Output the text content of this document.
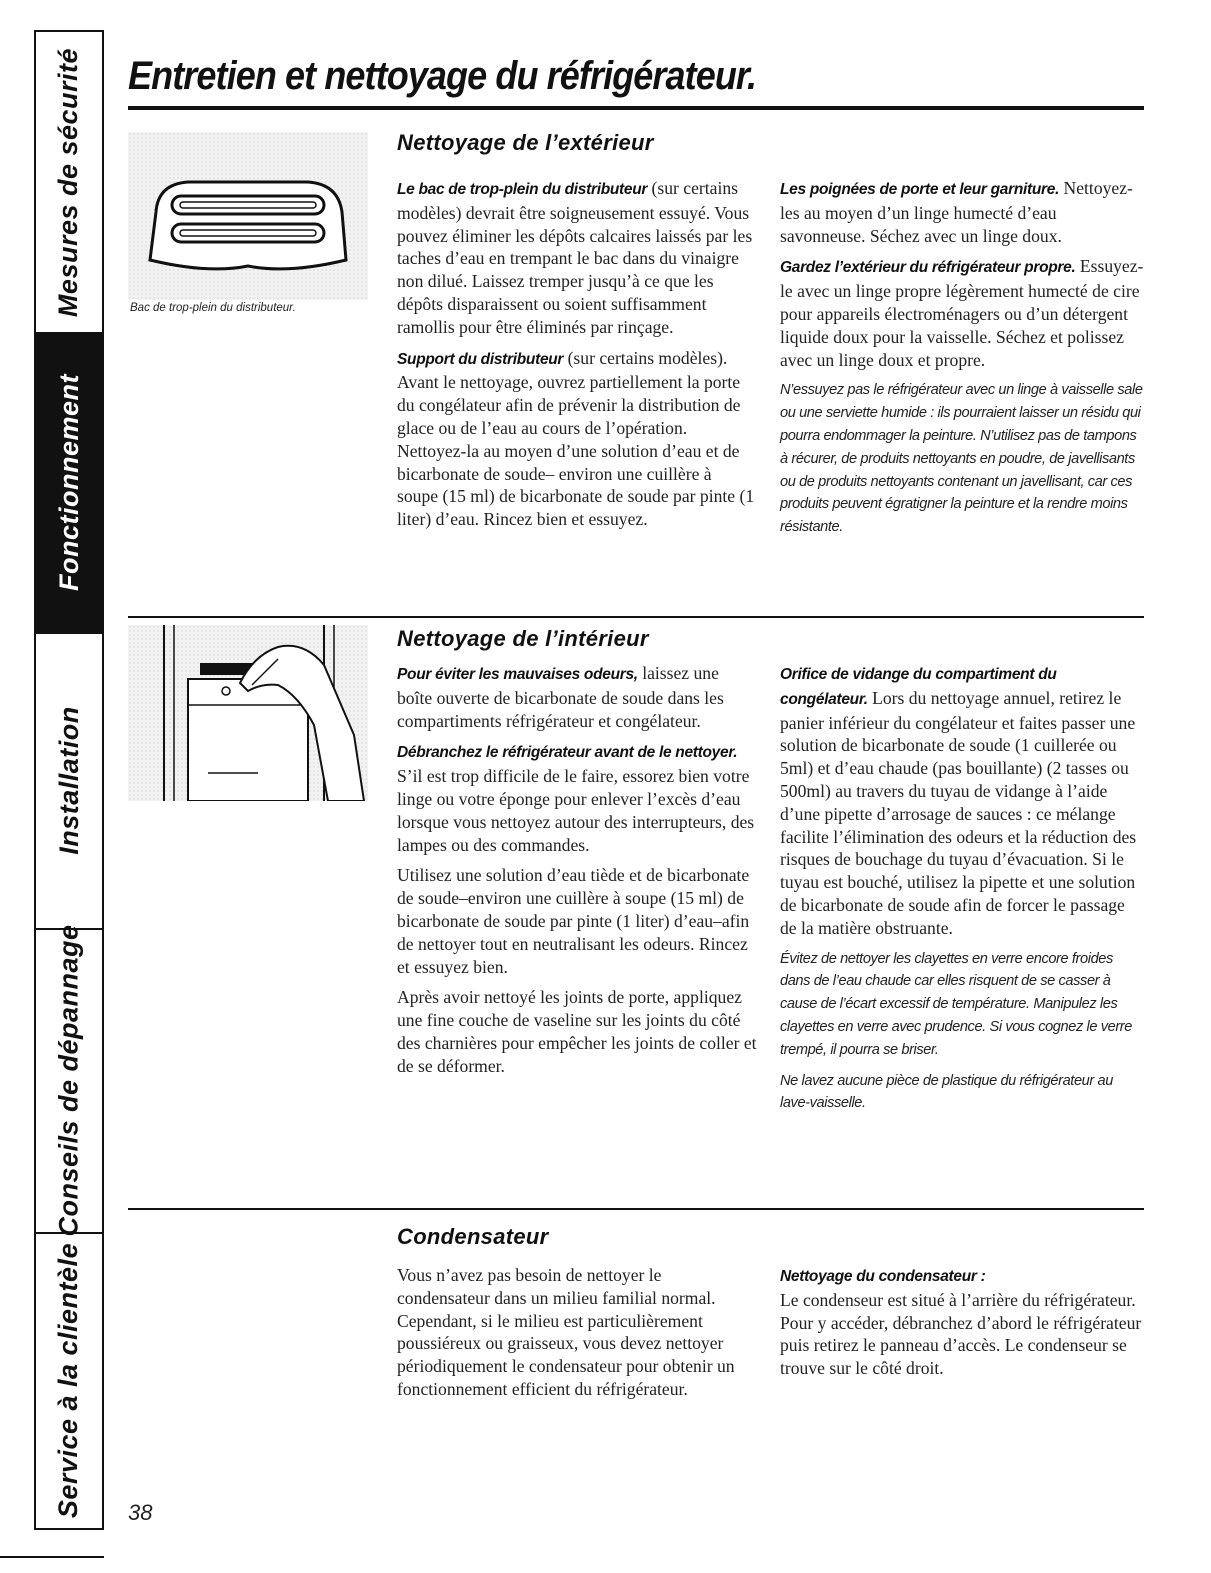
Mesures de sécurité
Fonctionnement
Installation
Conseils de dépannage
Service à la clientèle
Entretien et nettoyage du réfrigérateur.
Bac de trop-plein du distributeur.
Nettoyage de l’extérieur

Le bac de trop-plein du distributeur (sur certains modèles) devrait être soigneusement essuyé. Vous pouvez éliminer les dépôts calcaires laissés par les taches d’eau en trempant le bac dans du vinaigre non dilué. Laissez tremper jusqu’à ce que les dépôts disparaissent ou soient suffisamment ramollis pour être éliminés par rinçage.

Support du distributeur (sur certains modèles). Avant le nettoyage, ouvrez partiellement la porte du congélateur afin de prévenir la distribution de glace ou de l’eau au cours de l’opération. Nettoyez-la au moyen d’une solution d’eau et de bicarbonate de soude– environ une cuillère à soupe (15 ml) de bicarbonate de soude par pinte (1 liter) d’eau. Rincez bien et essuyez.

Les poignées de porte et leur garniture. Nettoyez-les au moyen d’un linge humecté d’eau savonneuse. Séchez avec un linge doux.

Gardez l’extérieur du réfrigérateur propre. Essuyez-le avec un linge propre légèrement humecté de cire pour appareils électroménagers ou d’un détergent liquide doux pour la vaisselle. Séchez et polissez avec un linge doux et propre.

N’essuyez pas le réfrigérateur avec un linge à vaisselle sale ou une serviette humide : ils pourraient laisser un résidu qui pourra endommager la peinture. N’utilisez pas de tampons à récurer, de produits nettoyants en poudre, de javellisants ou de produits nettoyants contenant un javellisant, car ces produits peuvent égratigner la peinture et la rendre moins résistante.

Nettoyage de l’intérieur

Pour éviter les mauvaises odeurs, laissez une boîte ouverte de bicarbonate de soude dans les compartiments réfrigérateur et congélateur.

Débranchez le réfrigérateur avant de le nettoyer. S’il est trop difficile de le faire, essorez bien votre linge ou votre éponge pour enlever l’excès d’eau lorsque vous nettoyez autour des interrupteurs, des lampes ou des commandes.

Utilisez une solution d’eau tiède et de bicarbonate de soude–environ une cuillère à soupe (15 ml) de bicarbonate de soude par pinte (1 liter) d’eau–afin de nettoyer tout en neutralisant les odeurs. Rincez et essuyez bien.

Après avoir nettoyé les joints de porte, appliquez une fine couche de vaseline sur les joints du côté des charnières pour empêcher les joints de coller et de se déformer.

Orifice de vidange du compartiment du congélateur. Lors du nettoyage annuel, retirez le panier inférieur du congélateur et faites passer une solution de bicarbonate de soude (1 cuillerée ou 5ml) et d’eau chaude (pas bouillante) (2 tasses ou 500ml) au travers du tuyau de vidange à l’aide d’une pipette d’arrosage de sauces : ce mélange facilite l’élimination des odeurs et la réduction des risques de bouchage du tuyau d’évacuation. Si le tuyau est bouché, utilisez la pipette et une solution de bicarbonate de soude afin de forcer le passage de la matière obstruante.

Évitez de nettoyer les clayettes en verre encore froides dans de l’eau chaude car elles risquent de se casser à cause de l’écart excessif de température. Manipulez les clayettes en verre avec prudence. Si vous cognez le verre trempé, il pourra se briser.

Ne lavez aucune pièce de plastique du réfrigérateur au lave-vaisselle.

Condensateur

Vous n’avez pas besoin de nettoyer le condensateur dans un milieu familial normal. Cependant, si le milieu est particulièrement poussiéreux ou graisseux, vous devez nettoyer périodiquement le condensateur pour obtenir un fonctionnement efficient du réfrigérateur.

Nettoyage du condensateur :
Le condenseur est situé à l’arrière du réfrigérateur. Pour y accéder, débranchez d’abord le réfrigérateur puis retirez le panneau d’accès. Le condenseur se trouve sur le côté droit.

38
